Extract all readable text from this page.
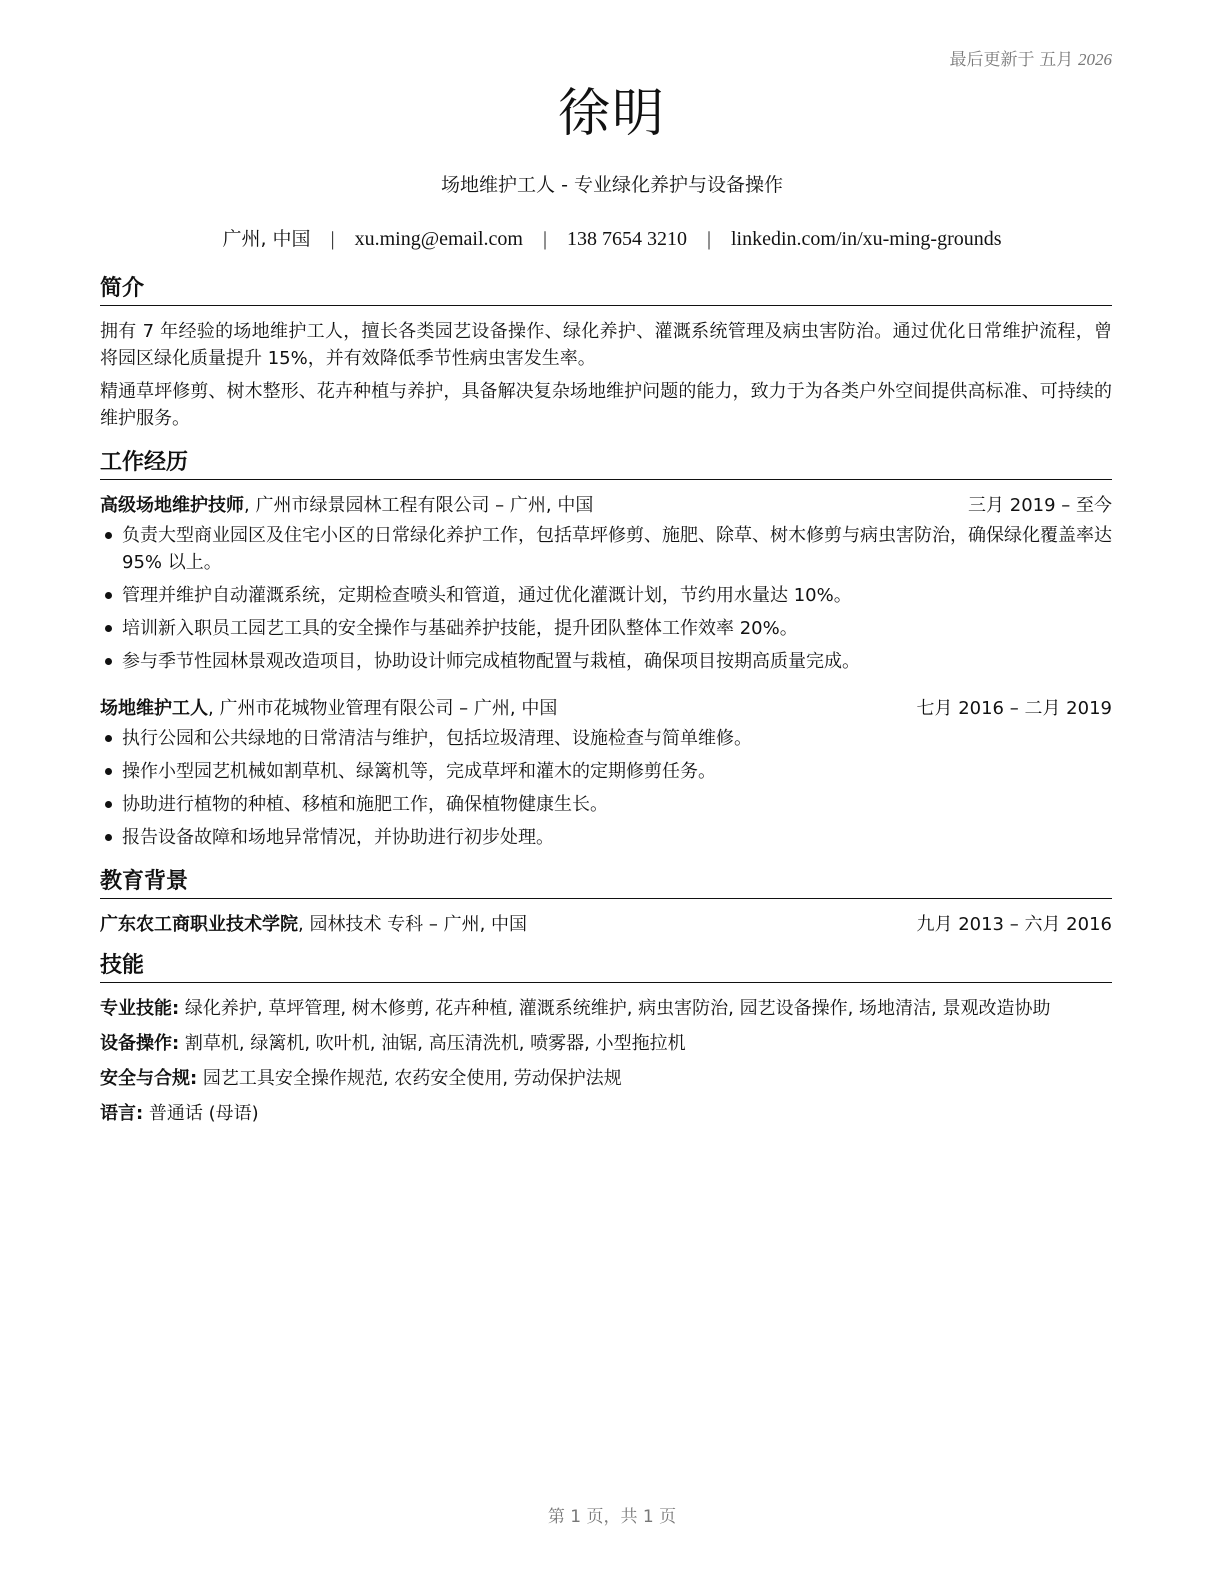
最后更新于 五月 2026
徐明
场地维护工人 - 专业绿化养护与设备操作
广州, 中国 | xu.ming@email.com | 138 7654 3210 | linkedin.com/in/xu-ming-grounds
简介

拥有 7 年经验的场地维护工人，擅长各类园艺设备操作、绿化养护、灌溉系统管理及病虫害防治。通过优化日常维护流程，曾将园区绿化质量提升 15%，并有效降低季节性病虫害发生率。

精通草坪修剪、树木整形、花卉种植与养护，具备解决复杂场地维护问题的能力，致力于为各类户外空间提供高标准、可持续的维护服务。

工作经历
高级场地维护技师, 广州市绿景园林工程有限公司 – 广州, 中国	三月 2019 – 至今
负责大型商业园区及住宅小区的日常绿化养护工作，包括草坪修剪、施肥、除草、树木修剪与病虫害防治，确保绿化覆盖率达 95% 以上。
管理并维护自动灌溉系统，定期检查喷头和管道，通过优化灌溉计划，节约用水量达 10%。
培训新入职员工园艺工具的安全操作与基础养护技能，提升团队整体工作效率 20%。
参与季节性园林景观改造项目，协助设计师完成植物配置与栽植，确保项目按期高质量完成。
场地维护工人, 广州市花城物业管理有限公司 – 广州, 中国	七月 2016 – 二月 2019
执行公园和公共绿地的日常清洁与维护，包括垃圾清理、设施检查与简单维修。
操作小型园艺机械如割草机、绿篱机等，完成草坪和灌木的定期修剪任务。
协助进行植物的种植、移植和施肥工作，确保植物健康生长。
报告设备故障和场地异常情况，并协助进行初步处理。
教育背景
广东农工商职业技术学院, 园林技术 专科 – 广州, 中国	九月 2013 – 六月 2016
技能
专业技能: 绿化养护, 草坪管理, 树木修剪, 花卉种植, 灌溉系统维护, 病虫害防治, 园艺设备操作, 场地清洁, 景观改造协助
设备操作: 割草机, 绿篱机, 吹叶机, 油锯, 高压清洗机, 喷雾器, 小型拖拉机
安全与合规: 园艺工具安全操作规范, 农药安全使用, 劳动保护法规
语言: 普通话 (母语)
第 1 页，共 1 页
